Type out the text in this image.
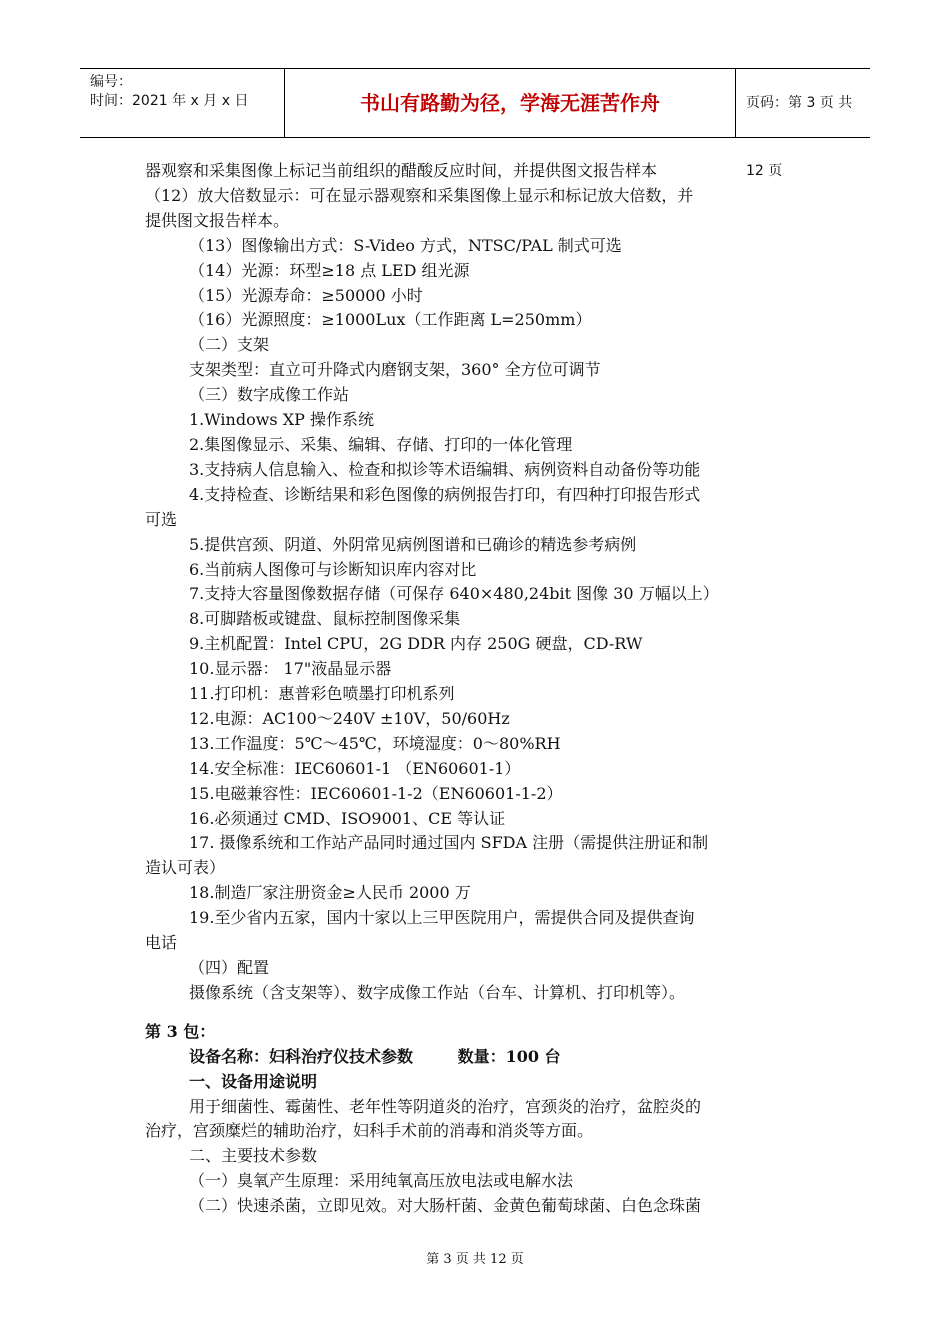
编号：
时间：2021 年 x 月 x 日	书山有路勤为径，学海无涯苦作舟	页码：第 3 页 共 12 页

器观察和采集图像上标记当前组织的醋酸反应时间，并提供图文报告样本

（12）放大倍数显示：可在显示器观察和采集图像上显示和标记放大倍数，并

提供图文报告样本。

（13）图像输出方式：S-Video 方式，NTSC/PAL 制式可选

（14）光源：环型≥18 点 LED 组光源

（15）光源寿命：≥50000 小时

（16）光源照度：≥1000Lux（工作距离 L=250mm）

（二）支架

支架类型：直立可升降式内磨钢支架，360° 全方位可调节

（三）数字成像工作站

1.Windows XP 操作系统

2.集图像显示、采集、编辑、存储、打印的一体化管理

3.支持病人信息输入、检查和拟诊等术语编辑、病例资料自动备份等功能

4.支持检查、诊断结果和彩色图像的病例报告打印，有四种打印报告形式

可选

5.提供宫颈、阴道、外阴常见病例图谱和已确诊的精选参考病例

6.当前病人图像可与诊断知识库内容对比

7.支持大容量图像数据存储（可保存 640×480,24bit 图像 30 万幅以上）

8.可脚踏板或键盘、鼠标控制图像采集

9.主机配置：Intel CPU，2G DDR 内存 250G 硬盘，CD-RW

10.显示器： 17"液晶显示器

11.打印机：惠普彩色喷墨打印机系列

12.电源：AC100～240V ±10V，50/60Hz

13.工作温度：5℃～45℃，环境湿度：0～80%RH

14.安全标准：IEC60601-1 （EN60601-1）

15.电磁兼容性：IEC60601-1-2（EN60601-1-2）

16.必须通过 CMD、ISO9001、CE 等认证

17. 摄像系统和工作站产品同时通过国内 SFDA 注册（需提供注册证和制

造认可表）

18.制造厂家注册资金≥人民币 2000 万

19.至少省内五家，国内十家以上三甲医院用户，需提供合同及提供查询

电话

（四）配置

摄像系统（含支架等）、数字成像工作站（台车、计算机、打印机等）。

第 3 包：

设备名称：妇科治疗仪技术参数        数量：100 台

一、设备用途说明

用于细菌性、霉菌性、老年性等阴道炎的治疗，宫颈炎的治疗，盆腔炎的

治疗，宫颈糜烂的辅助治疗，妇科手术前的消毒和消炎等方面。

二、主要技术参数

（一）臭氧产生原理：采用纯氧高压放电法或电解水法

（二）快速杀菌，立即见效。对大肠杆菌、金黄色葡萄球菌、白色念珠菌

第 3 页 共 12 页
